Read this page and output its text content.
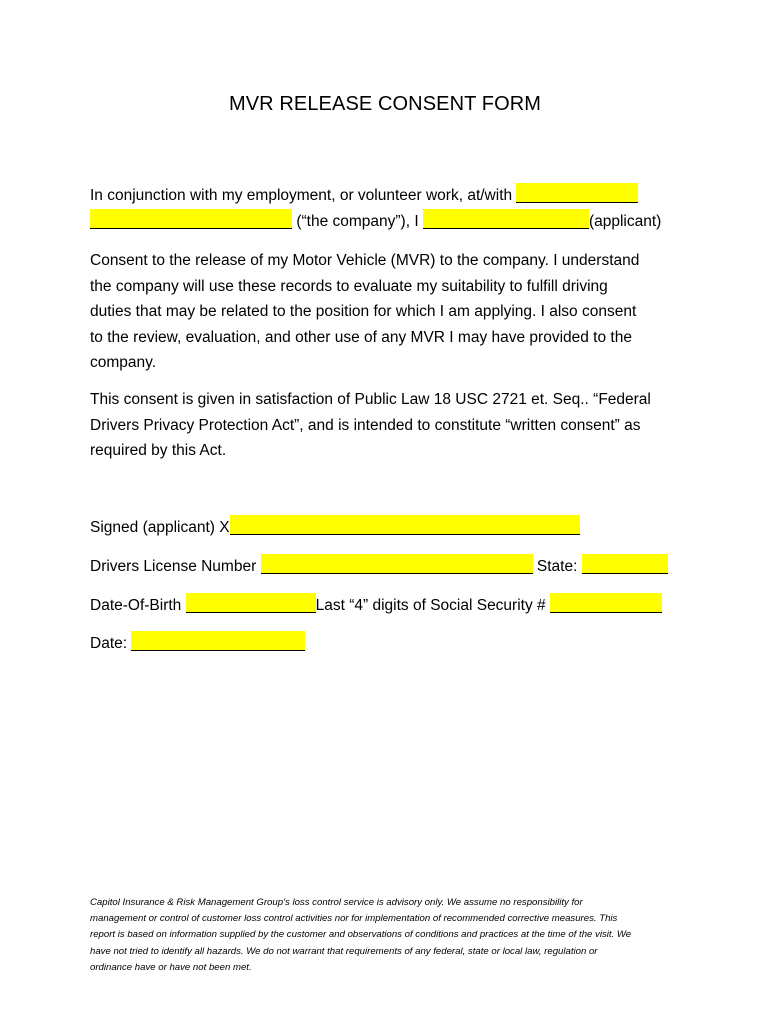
MVR RELEASE CONSENT FORM
In conjunction with my employment, or volunteer work, at/with
(“the company”), I	(applicant)
Consent to the release of my Motor Vehicle (MVR) to the company. I understand
the company will use these records to evaluate my suitability to fulfill driving
duties that may be related to the position for which I am applying. I also consent
to the review, evaluation, and other use of any MVR I may have provided to the
company.
This consent is given in satisfaction of Public Law 18 USC 2721 et. Seq.. “Federal
Drivers Privacy Protection Act”, and is intended to constitute “written consent” as
required by this Act.
Signed (applicant) X
Drivers License Number	State:
Date-Of-Birth	Last “4” digits of Social Security #
Date:
Capitol Insurance & Risk Management Group’s loss control service is advisory only. We assume no responsibility for
management or control of customer loss control activities nor for implementation of recommended corrective measures. This
report is based on information supplied by the customer and observations of conditions and practices at the time of the visit. We
have not tried to identify all hazards. We do not warrant that requirements of any federal, state or local law, regulation or
ordinance have or have not been met.
